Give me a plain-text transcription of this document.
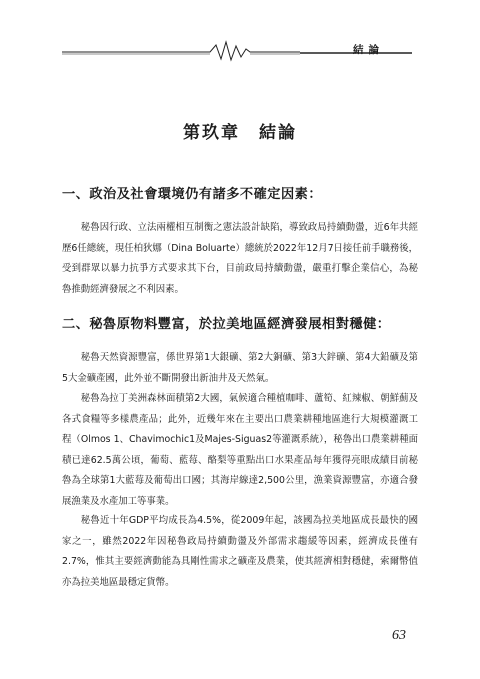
結論
第玖章　結論
一、政治及社會環境仍有諸多不確定因素：
秘魯因行政、立法兩權相互制衡之憲法設計缺陷，導致政局持續動盪，近6年共經歷6任總統，現任柏狄娜（Dina Boluarte）總統於2022年12月7日接任前手職務後，受到群眾以暴力抗爭方式要求其下台，目前政局持續動盪，嚴重打擊企業信心，為秘魯推動經濟發展之不利因素。
二、秘魯原物料豐富，於拉美地區經濟發展相對穩健：
秘魯天然資源豐富，係世界第1大銀礦、第2大銅礦、第3大鋅礦、第4大鉛礦及第5大金礦產國，此外並不斷開發出新油井及天然氣。
秘魯為拉丁美洲森林面積第2大國，氣候適合種植咖啡、蘆筍、紅辣椒、朝鮮薊及各式食糧等多樣農產品；此外，近幾年來在主要出口農業耕種地區進行大規模灌溉工程（Olmos 1、Chavimochic1及Majes-Siguas2等灌溉系統），秘魯出口農業耕種面積已達62.5萬公頃，葡萄、藍莓、酪梨等重點出口水果產品每年獲得亮眼成績目前秘魯為全球第1大藍莓及葡萄出口國；其海岸線達2,500公里，漁業資源豐富，亦適合發展漁業及水產加工等事業。
秘魯近十年GDP平均成長為4.5%，從2009年起，該國為拉美地區成長最快的國家之一，雖然2022年因秘魯政局持續動盪及外部需求趨緩等因素，經濟成長僅有2.7%，惟其主要經濟動能為具剛性需求之礦產及農業，使其經濟相對穩健，索爾幣值亦為拉美地區最穩定貨幣。
63
